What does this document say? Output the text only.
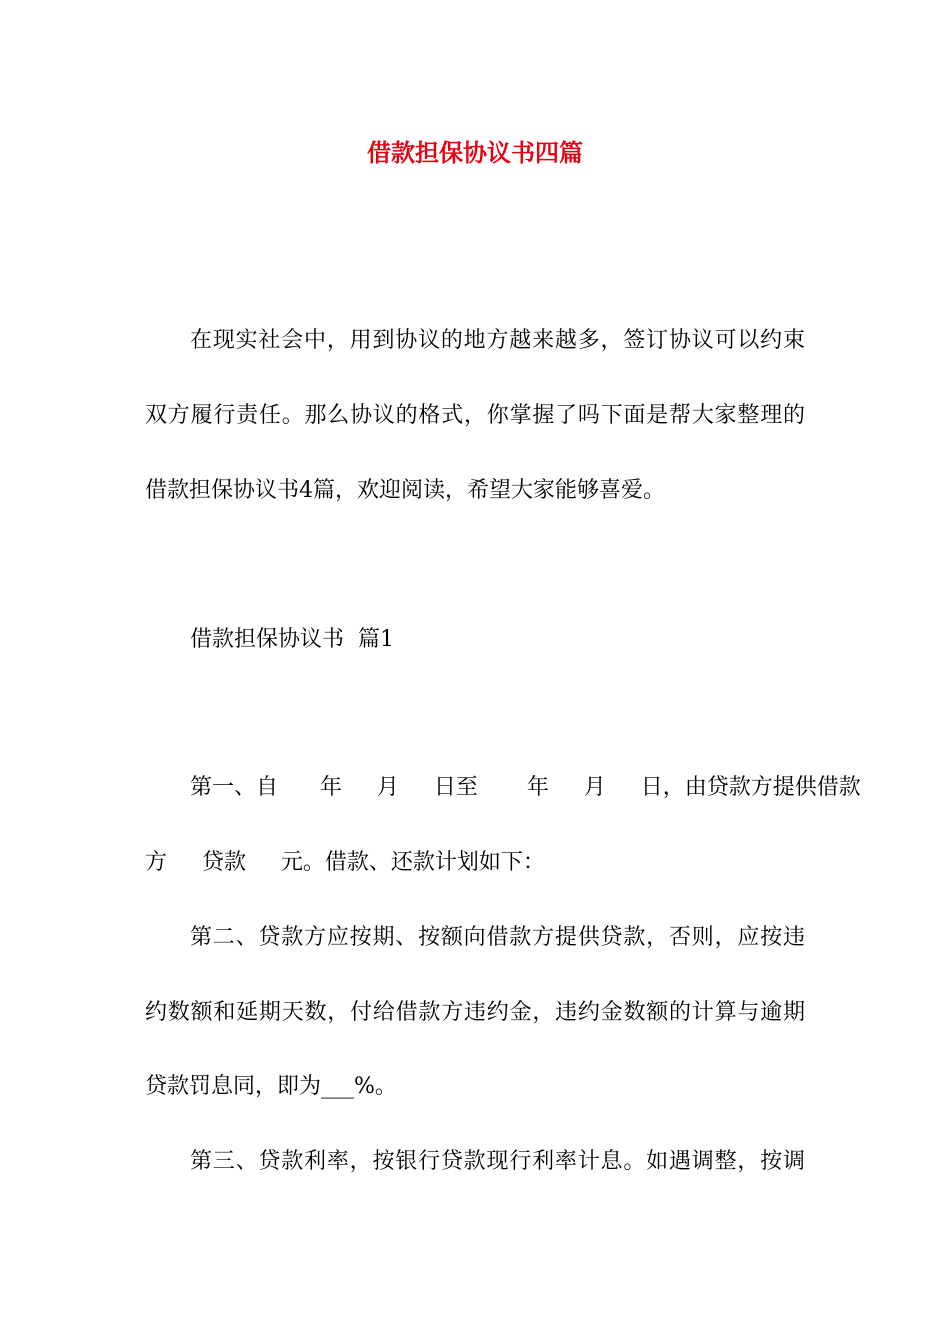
借款担保协议书四篇

在现实社会中，用到协议的地方越来越多，签订协议可以约束

双方履行责任。那么协议的格式，你掌握了吗下面是帮大家整理的

借款担保协议书4篇，欢迎阅读，希望大家能够喜爱。

借款担保协议书  篇1

第一、自      年     月     日至       年     月     日，由贷款方提供借款

方     贷款     元。借款、还款计划如下：

第二、贷款方应按期、按额向借款方提供贷款，否则，应按违

约数额和延期天数，付给借款方违约金，违约金数额的计算与逾期

贷款罚息同，即为___%。

第三、贷款利率，按银行贷款现行利率计息。如遇调整，按调
